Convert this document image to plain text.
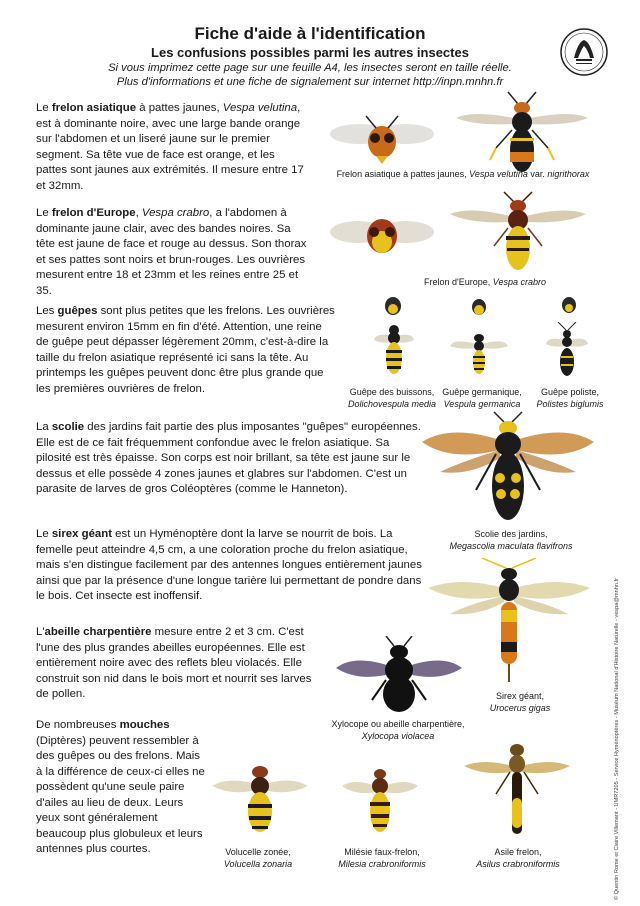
Fiche d'aide à l'identification
Les confusions possibles parmi les autres insectes
Si vous imprimez cette page sur une feuille A4, les insectes seront en taille réelle.
Plus d'informations et une fiche de signalement sur internet http://inpn.mnhn.fr
Le frelon asiatique à pattes jaunes, Vespa velutina, est à dominante noire, avec une large bande orange sur l'abdomen et un liseré jaune sur le premier segment. Sa tête vue de face est orange, et les pattes sont jaunes aux extrémités. Il mesure entre 17 et 32mm.
Frelon asiatique à pattes jaunes, Vespa velutina var. nigrithorax
Le frelon d'Europe, Vespa crabro, a l'abdomen à dominante jaune clair, avec des bandes noires. Sa tête est jaune de face et rouge au dessus. Son thorax et ses pattes sont noirs et brun-rouges. Les ouvrières mesurent entre 18 et 23mm et les reines entre 25 et 35.
Frelon d'Europe, Vespa crabro
Les guêpes sont plus petites que les frelons. Les ouvrières mesurent environ 15mm en fin d'été. Attention, une reine de guêpe peut dépasser légèrement 20mm, c'est-à-dire la taille du frelon asiatique représenté ici sans la tête. Au printemps les guêpes peuvent donc être plus grande que les premières ouvrières de frelon.	Guêpe des buissons,
Dolichovespula media
Guêpe germanique,
Vespula germanica
Guêpe poliste,
Polistes biglumis
La scolie des jardins fait partie des plus imposantes "guêpes" européennes. Elle est de ce fait fréquemment confondue avec le frelon asiatique. Sa pilosité est très épaisse. Son corps est noir brillant, sa tête est jaune sur le dessus et elle possède 4 zones jaunes et glabres sur l'abdomen. C'est un parasite de larves de gros Coléoptères (comme le Hanneton).
Scolie des jardins,
Megascolia maculata flavifrons
Le sirex géant est un Hyménoptère dont la larve se nourrit de bois. La femelle peut atteindre 4,5 cm, a une coloration proche du frelon asiatique, mais s'en distingue facilement par des antennes longues entièrement jaunes ainsi que par la présence d'une longue tarière lui permettant de pondre dans le bois. Cet insecte est inoffensif.
Sirex géant,
Urocerus gigas
L'abeille charpentière mesure entre 2 et 3 cm. C'est l'une des plus grandes abeilles européennes. Elle est entièrement noire avec des reflets bleu violacés. Elle construit son nid dans le bois mort et nourrit ses larves de pollen.
Xylocope ou abeille charpentière,
Xylocopa violacea
De nombreuses mouches (Diptères) peuvent ressembler à des guêpes ou des frelons. Mais à la différence de ceux-ci elles ne possèdent qu'une seule paire d'ailes au lieu de deux. Leurs yeux sont généralement beaucoup plus globuleux et leurs antennes plus courtes.	Volucelle zonée,
Volucella zonaria
Milésie faux-frelon,
Milesia crabroniformis
Asile frelon,
Asilus crabroniformis	© Quentin Rome et Claire Villemant - UMR7205 - Service Hyménoptères - Muséum National d'Histoire Naturelle - vespa@mnhn.fr
